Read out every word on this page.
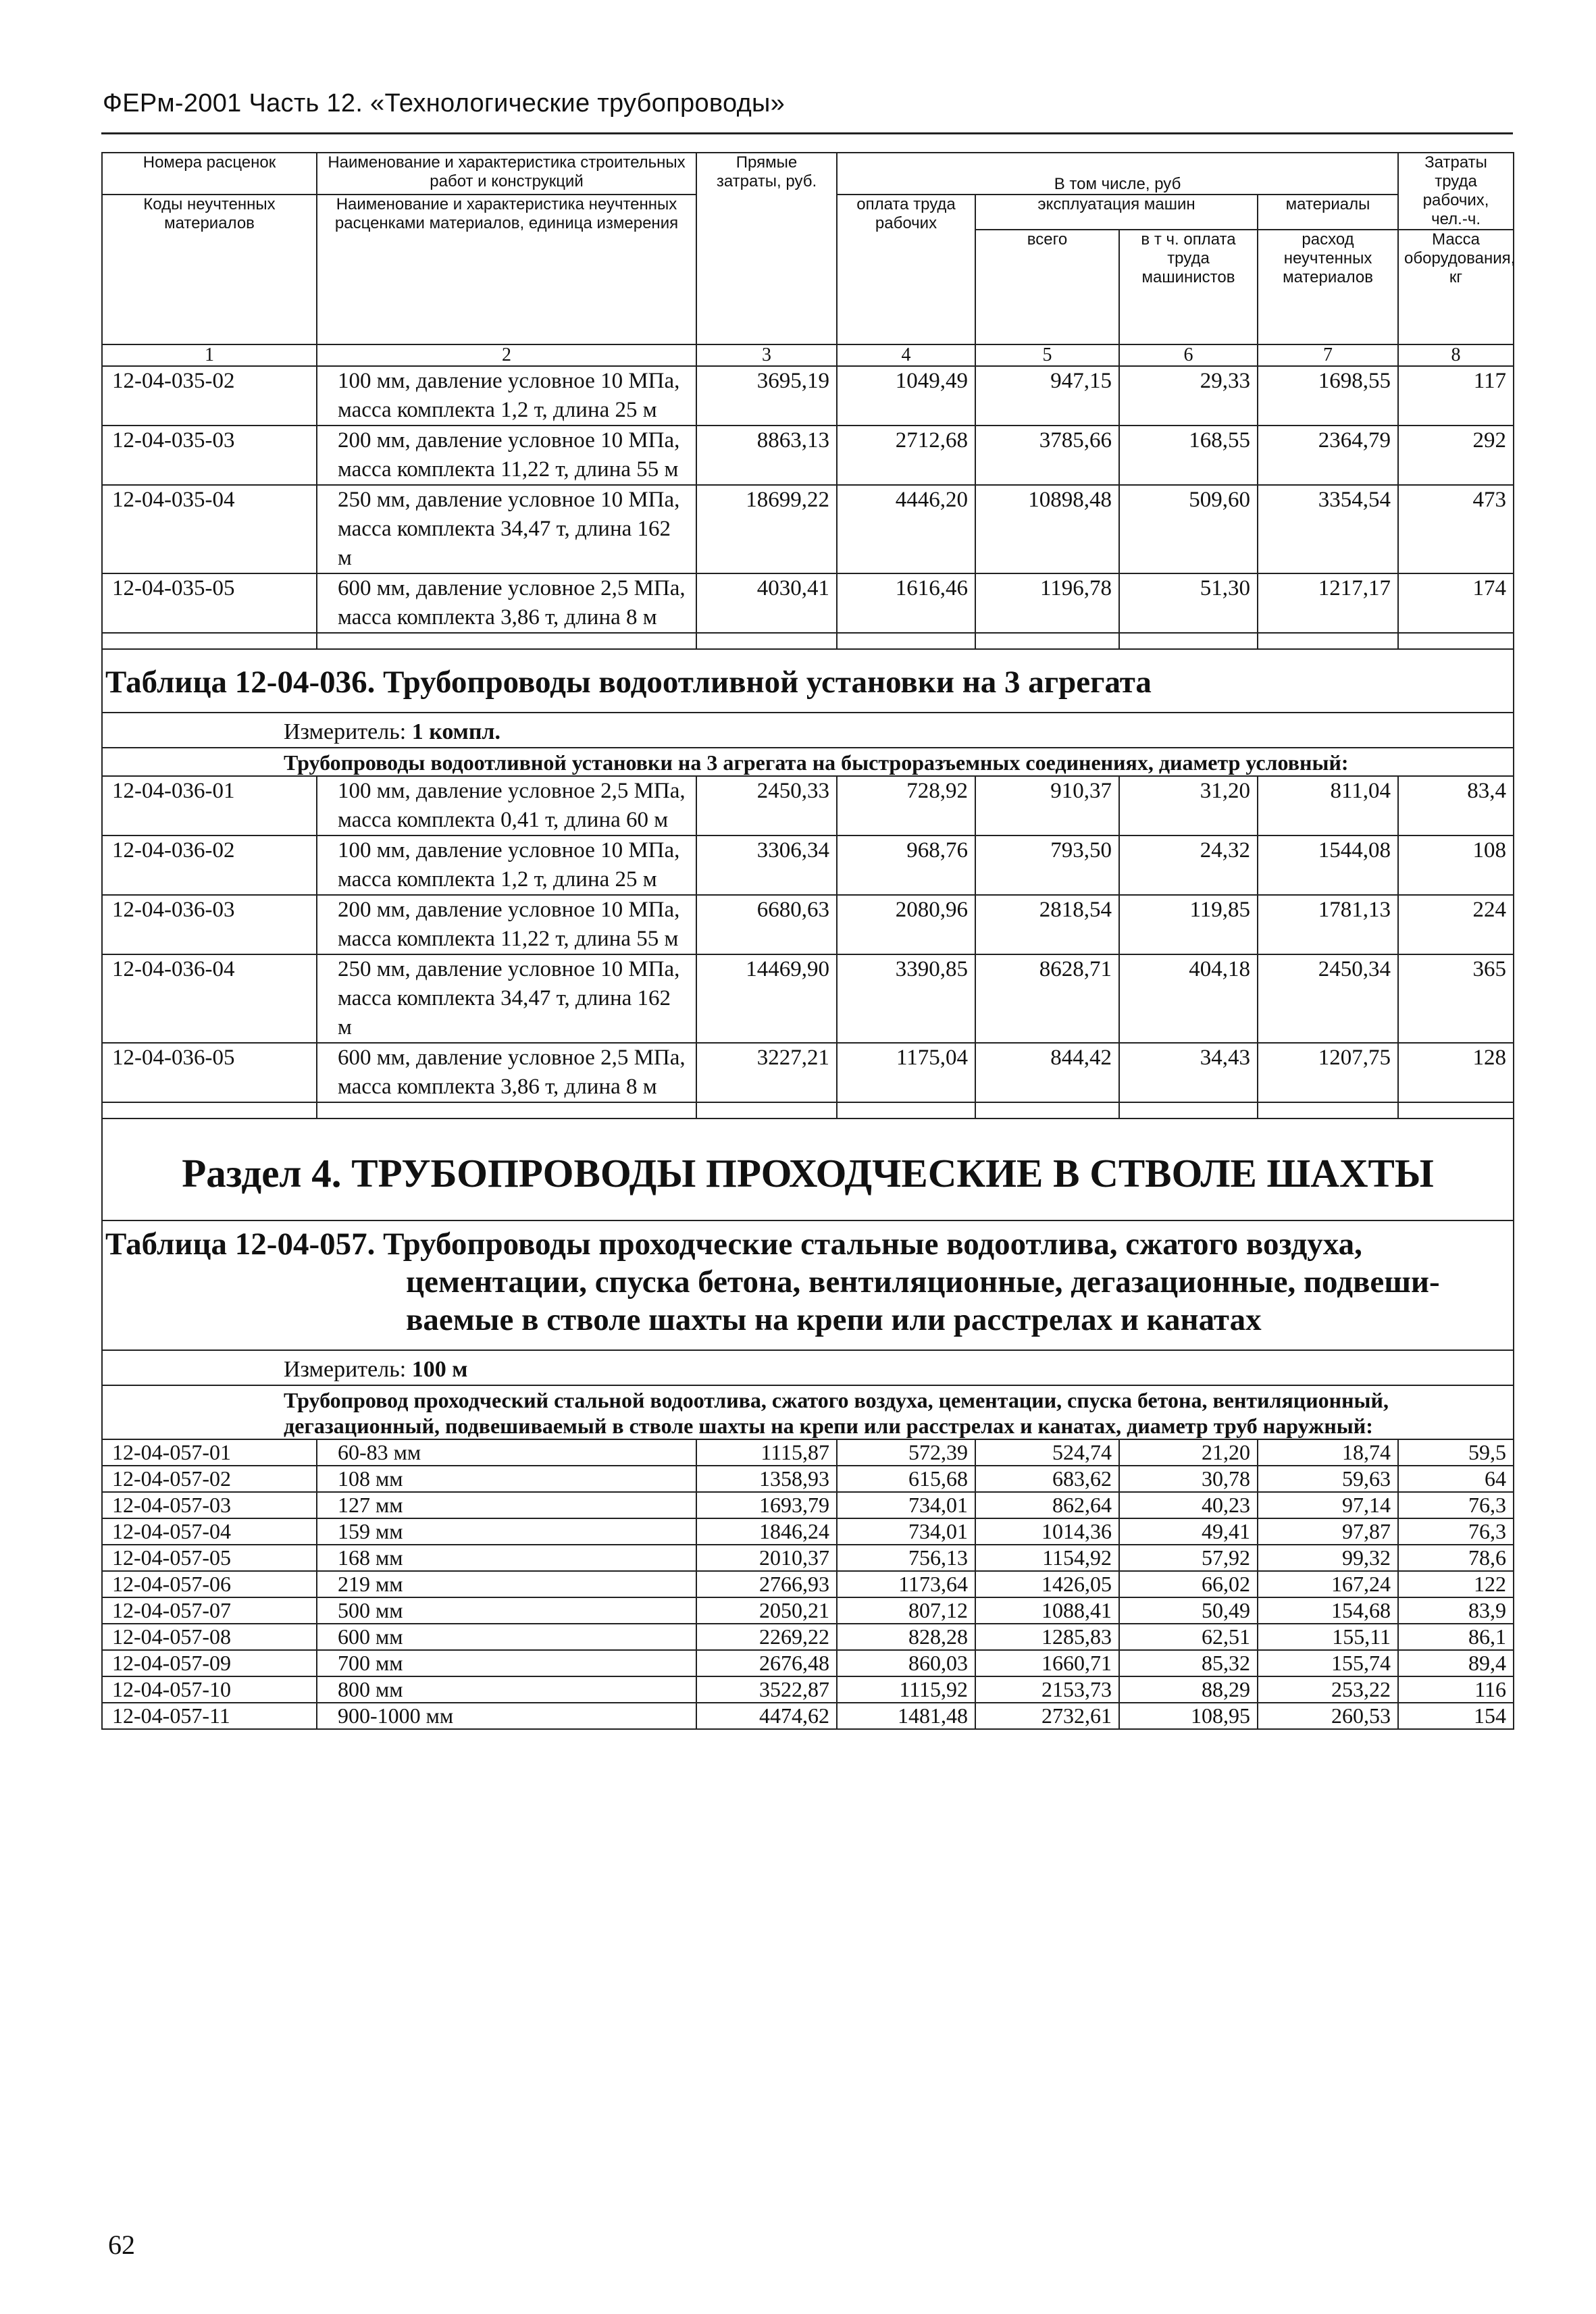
ФЕРм-2001 Часть 12. «Технологические трубопроводы»
Номера расценок	Наименование и характеристика строительных работ и конструкций	Прямые затраты, руб.	В том числе, руб				Затраты труда рабочих, чел.-ч.
Коды неучтенных материалов	Наименование и характеристика неучтенных расценками материалов, единица измерения		оплата труда рабочих	эксплуатация машин		материалы	
				всего	в т ч. оплата труда машинистов	расход неучтенных материалов	Масса оборудования, кг
1	2	3	4	5	6	7	8
12-04-035-02	100 мм, давление условное 10 МПа, масса комплекта 1,2 т, длина 25 м	3695,19	1049,49	947,15	29,33	1698,55	117
12-04-035-03	200 мм, давление условное 10 МПа, масса комплекта 11,22 т, длина 55 м	8863,13	2712,68	3785,66	168,55	2364,79	292
12-04-035-04	250 мм, давление условное 10 МПа, масса комплекта 34,47 т, длина 162 м	18699,22	4446,20	10898,48	509,60	3354,54	473
12-04-035-05	600 мм, давление условное 2,5 МПа, масса комплекта 3,86 т, длина 8 м	4030,41	1616,46	1196,78	51,30	1217,17	174

Таблица 12-04-036. Трубопроводы водоотливной установки на 3 агрегата							
Измеритель: 1 компл.							
Трубопроводы водоотливной установки на 3 агрегата на быстроразъемных соединениях, диаметр условный:							
12-04-036-01	100 мм, давление условное 2,5 МПа, масса комплекта 0,41 т, длина 60 м	2450,33	728,92	910,37	31,20	811,04	83,4
12-04-036-02	100 мм, давление условное 10 МПа, масса комплекта 1,2 т, длина 25 м	3306,34	968,76	793,50	24,32	1544,08	108
12-04-036-03	200 мм, давление условное 10 МПа, масса комплекта 11,22 т, длина 55 м	6680,63	2080,96	2818,54	119,85	1781,13	224
12-04-036-04	250 мм, давление условное 10 МПа, масса комплекта 34,47 т, длина 162 м	14469,90	3390,85	8628,71	404,18	2450,34	365
12-04-036-05	600 мм, давление условное 2,5 МПа, масса комплекта 3,86 т, длина 8 м	3227,21	1175,04	844,42	34,43	1207,75	128

Раздел 4. ТРУБОПРОВОДЫ ПРОХОДЧЕСКИЕ В СТВОЛЕ ШАХТЫ							
Таблица 12-04-057. Трубопроводы проходческие стальные водоотлива, сжатого воздуха,
цементации, спуска бетона, вентиляционные, дегазационные, подвеши-
ваемые в стволе шахты на крепи или расстрелах и канатах							

Измеритель: 100 м							
Трубопровод проходческий стальной водоотлива, сжатого воздуха, цементации, спуска бетона, вентиляционный, дегазационный, подвешиваемый в стволе шахты на крепи или расстрелах и канатах, диаметр труб наружный:							
12-04-057-01	60-83 мм	1115,87	572,39	524,74	21,20	18,74	59,5
12-04-057-02	108 мм	1358,93	615,68	683,62	30,78	59,63	64
12-04-057-03	127 мм	1693,79	734,01	862,64	40,23	97,14	76,3
12-04-057-04	159 мм	1846,24	734,01	1014,36	49,41	97,87	76,3
12-04-057-05	168 мм	2010,37	756,13	1154,92	57,92	99,32	78,6
12-04-057-06	219 мм	2766,93	1173,64	1426,05	66,02	167,24	122
12-04-057-07	500 мм	2050,21	807,12	1088,41	50,49	154,68	83,9
12-04-057-08	600 мм	2269,22	828,28	1285,83	62,51	155,11	86,1
12-04-057-09	700 мм	2676,48	860,03	1660,71	85,32	155,74	89,4
12-04-057-10	800 мм	3522,87	1115,92	2153,73	88,29	253,22	116
12-04-057-11	900-1000 мм	4474,62	1481,48	2732,61	108,95	260,53	154
62
